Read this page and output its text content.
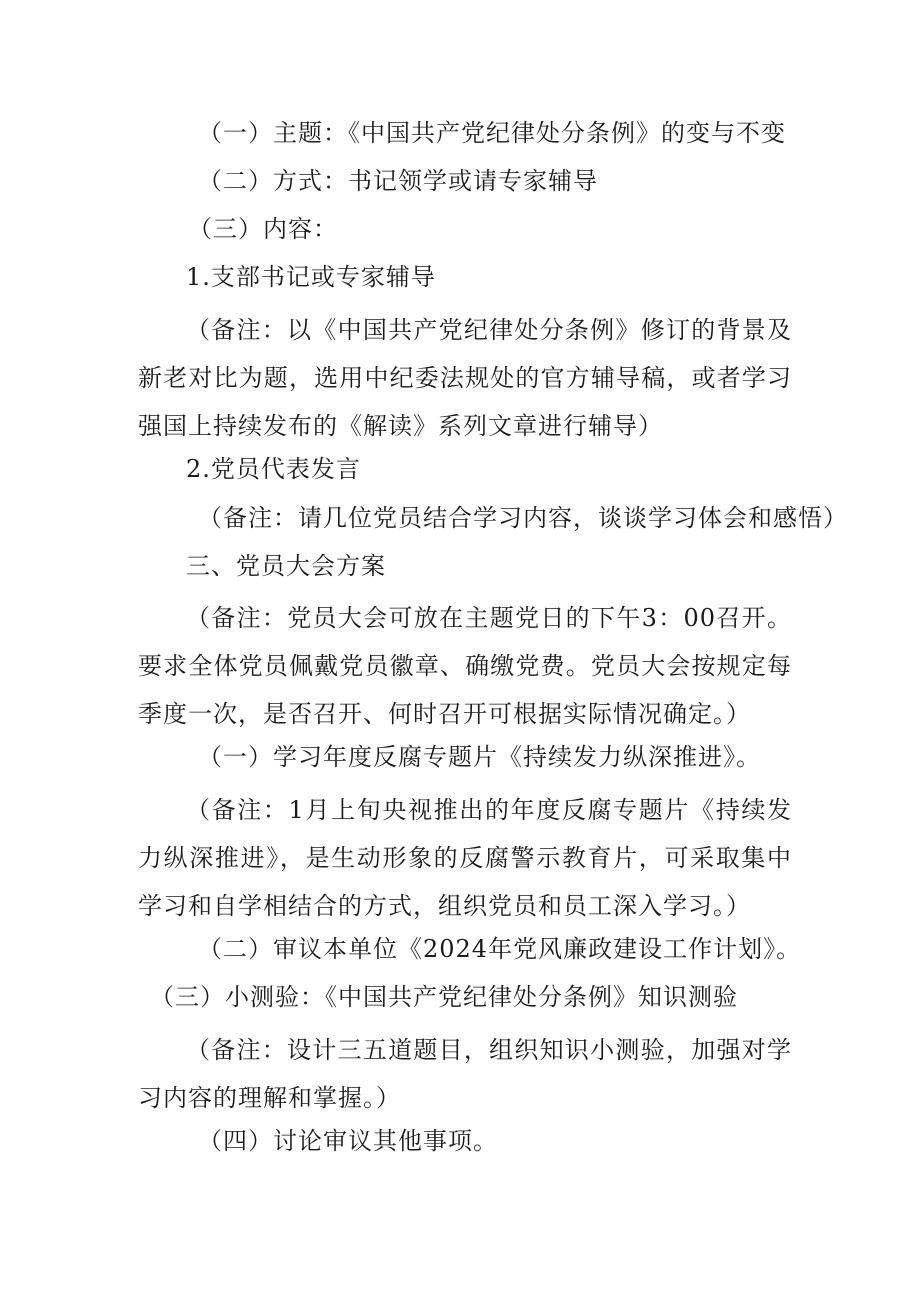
（一）主题：《中国共产党纪律处分条例》的变与不变
（二）方式：书记领学或请专家辅导
（三）内容：
1.支部书记或专家辅导
（备注：以《中国共产党纪律处分条例》修订的背景及新老对比为题，选用中纪委法规处的官方辅导稿，或者学习强国上持续发布的《解读》系列文章进行辅导）
2.党员代表发言
（备注：请几位党员结合学习内容，谈谈学习体会和感悟）
三、党员大会方案
（备注：党员大会可放在主题党日的下午3：00召开。要求全体党员佩戴党员徽章、确缴党费。党员大会按规定每季度一次，是否召开、何时召开可根据实际情况确定。）
（一）学习年度反腐专题片《持续发力纵深推进》。
（备注：1月上旬央视推出的年度反腐专题片《持续发力纵深推进》，是生动形象的反腐警示教育片，可采取集中学习和自学相结合的方式，组织党员和员工深入学习。）
（二）审议本单位《2024年党风廉政建设工作计划》。
（三）小测验：《中国共产党纪律处分条例》知识测验
（备注：设计三五道题目，组织知识小测验，加强对学习内容的理解和掌握。）
（四）讨论审议其他事项。
